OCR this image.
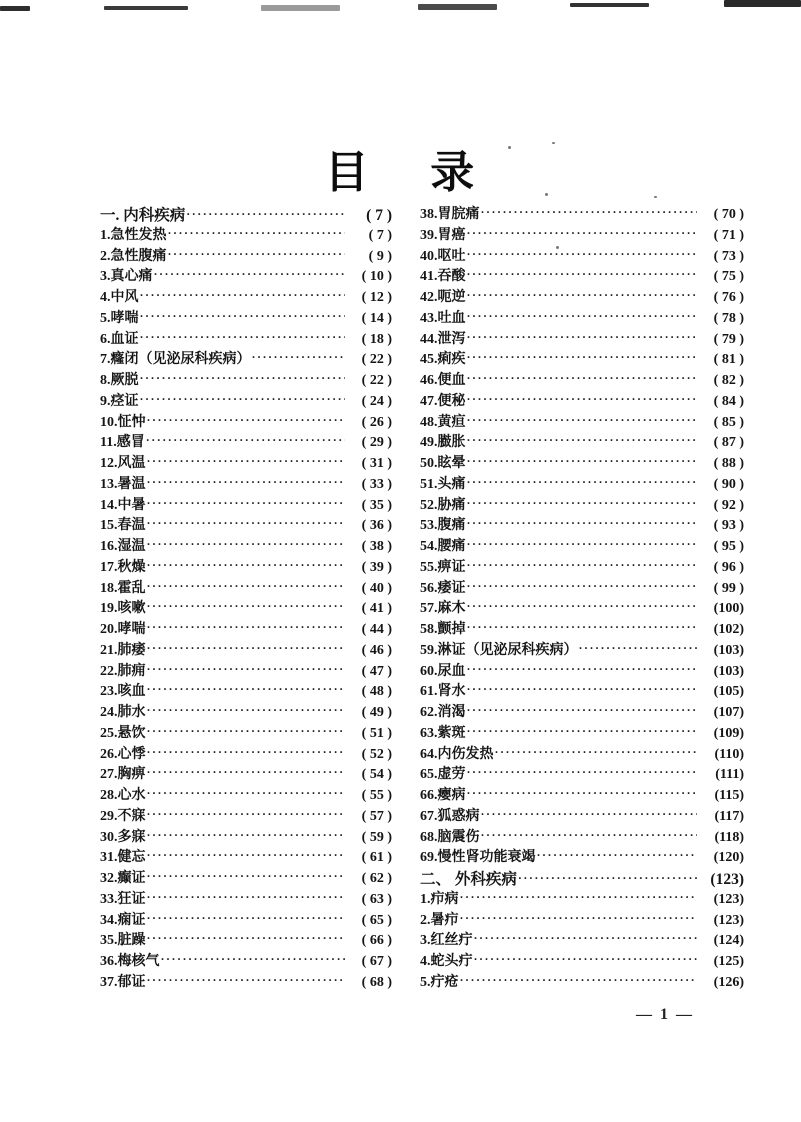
目录
一. 内科疾病 ·····	( 7 )
1.急性发热 ·····	( 7 )
2.急性腹痛 ·····	( 9 )
3.真心痛 ·····	( 10 )
4.中风 ·····	( 12 )
5.哮喘 ·····	( 14 )
6.血证 ·····	( 18 )
7.癃闭（见泌尿科疾病） ·····	( 22 )
8.厥脱 ·····	( 22 )
9.痉证 ·····	( 24 )
10.怔忡 ·····	( 26 )
11.感冒 ·····	( 29 )
12.风温 ·····	( 31 )
13.暑温 ·····	( 33 )
14.中暑 ·····	( 35 )
15.春温 ·····	( 36 )
16.湿温 ·····	( 38 )
17.秋燥 ·····	( 39 )
18.霍乱 ·····	( 40 )
19.咳嗽 ·····	( 41 )
20.哮喘 ·····	( 44 )
21.肺痿 ·····	( 46 )
22.肺痈 ·····	( 47 )
23.咳血 ·····	( 48 )
24.肺水 ·····	( 49 )
25.悬饮 ·····	( 51 )
26.心悸 ·····	( 52 )
27.胸痹 ·····	( 54 )
28.心水 ·····	( 55 )
29.不寐 ·····	( 57 )
30.多寐 ·····	( 59 )
31.健忘 ·····	( 61 )
32.癫证 ·····	( 62 )
33.狂证 ·····	( 63 )
34.痫证 ·····	( 65 )
35.脏躁 ·····	( 66 )
36.梅核气 ·····	( 67 )
37.郁证 ·····	( 68 )
38.胃脘痛 ·····	( 70 )
39.胃癌 ·····	( 71 )
40.呕吐 ·····	( 73 )
41.吞酸 ·····	( 75 )
42.呃逆 ·····	( 76 )
43.吐血 ·····	( 78 )
44.泄泻 ·····	( 79 )
45.痢疾 ·····	( 81 )
46.便血 ·····	( 82 )
47.便秘 ·····	( 84 )
48.黄疸 ·····	( 85 )
49.臌胀 ·····	( 87 )
50.眩晕 ·····	( 88 )
51.头痛 ·····	( 90 )
52.胁痛 ·····	( 92 )
53.腹痛 ·····	( 93 )
54.腰痛 ·····	( 95 )
55.痹证 ·····	( 96 )
56.痿证 ·····	( 99 )
57.麻木 ·····	(100)
58.颤掉 ·····	(102)
59.淋证（见泌尿科疾病） ·····	(103)
60.尿血 ·····	(103)
61.肾水 ·····	(105)
62.消渴 ·····	(107)
63.紫斑 ·····	(109)
64.内伤发热 ·····	(110)
65.虚劳 ·····	(111)
66.瘿病 ·····	(115)
67.狐惑病 ·····	(117)
68.脑震伤 ·····	(118)
69.慢性肾功能衰竭 ·····	(120)
二、 外科疾病 ·····	(123)
1.疖病 ·····	(123)
2.暑疖 ·····	(123)
3.红丝疔 ·····	(124)
4.蛇头疔 ·····	(125)
5.疔疮 ·····	(126)
— 1 —
